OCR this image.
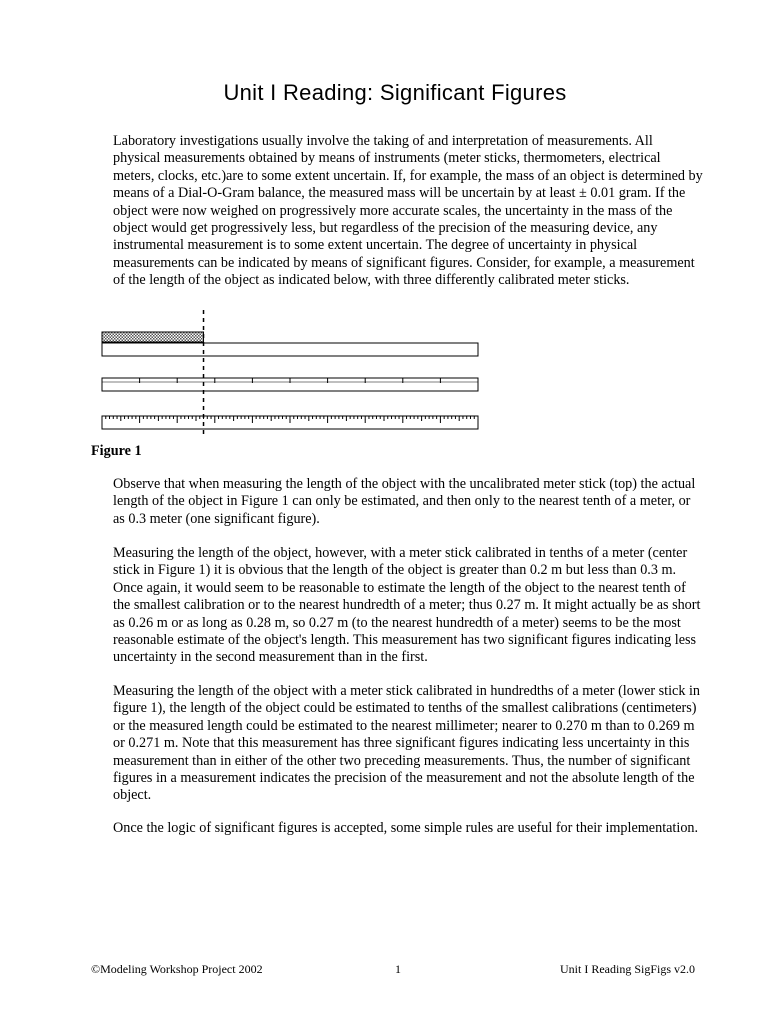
Unit I Reading: Significant Figures

Laboratory investigations usually involve the taking of and interpretation of measurements. All physical measurements obtained by means of instruments (meter sticks, thermometers, electrical meters, clocks, etc.)are to some extent uncertain. If, for example, the mass of an object is determined by means of a Dial-O-Gram balance, the measured mass will be uncertain by at least ± 0.01 gram. If the object were now weighed on progressively more accurate scales, the uncertainty in the mass of the object would get progressively less, but regardless of the precision of the measuring device, any instrumental measurement is to some extent uncertain. The degree of uncertainty in physical measurements can be indicated by means of significant figures. Consider, for example, a measurement of the length of the object as indicated below, with three differently calibrated meter sticks.

Figure 1

Observe that when measuring the length of the object with the uncalibrated meter stick (top) the actual length of the object in Figure 1 can only be estimated, and then only to the nearest tenth of a meter, or as 0.3 meter (one significant figure).

Measuring the length of the object, however, with a meter stick calibrated in tenths of a meter (center stick in Figure 1) it is obvious that the length of the object is greater than 0.2 m but less than 0.3 m. Once again, it would seem to be reasonable to estimate the length of the object to the nearest tenth of the smallest calibration or to the nearest hundredth of a meter; thus 0.27 m. It might actually be as short as 0.26 m or as long as 0.28 m, so 0.27 m (to the nearest hundredth of a meter) seems to be the most reasonable estimate of the object's length. This measurement has two significant figures indicating less uncertainty in the second measurement than in the first.

Measuring the length of the object with a meter stick calibrated in hundredths of a meter (lower stick in figure 1), the length of the object could be estimated to tenths of the smallest calibrations (centimeters) or the measured length could be estimated to the nearest millimeter; nearer to 0.270 m than to 0.269 m or 0.271 m. Note that this measurement has three significant figures indicating less uncertainty in this measurement than in either of the other two preceding measurements. Thus, the number of significant figures in a measurement indicates the precision of the measurement and not the absolute length of the object.

Once the logic of significant figures is accepted, some simple rules are useful for their implementation.

©Modeling Workshop Project 2002	1	Unit I Reading SigFigs v2.0
